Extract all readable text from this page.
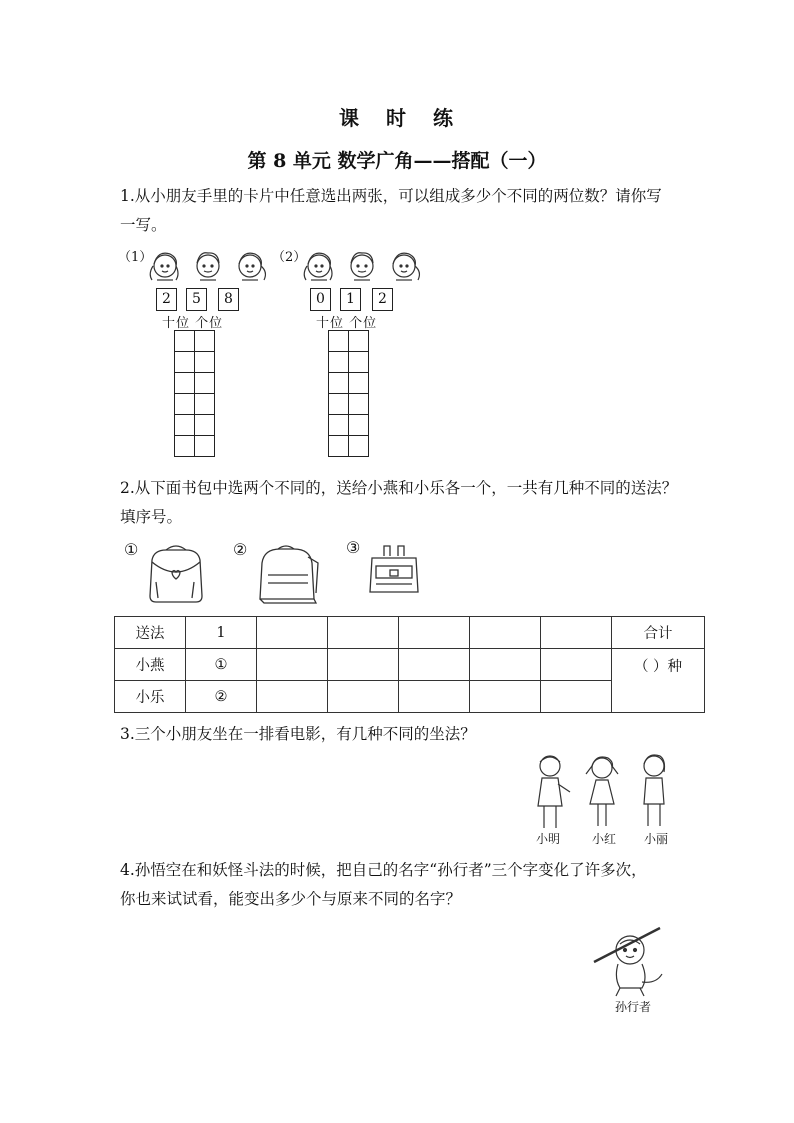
课 时 练
第 8 单元 数学广角——搭配（一）
1.从小朋友手里的卡片中任意选出两张，可以组成多少个不同的两位数？请你写
一写。
（1）
2	5	8
十位 个位

（2）
0	1	2
十位 个位

2.从下面书包中选两个不同的，送给小燕和小乐各一个，一共有几种不同的送法？
填序号。
①	②	③
送法	1						合计
小燕	①						（ ）种
小乐	②						
3.三个小朋友坐在一排看电影，有几种不同的坐法？
小明	小红 小丽
4.孙悟空在和妖怪斗法的时候，把自己的名字“孙行者”三个字变化了许多次，
你也来试试看，能变出多少个与原来不同的名字？
孙行者
